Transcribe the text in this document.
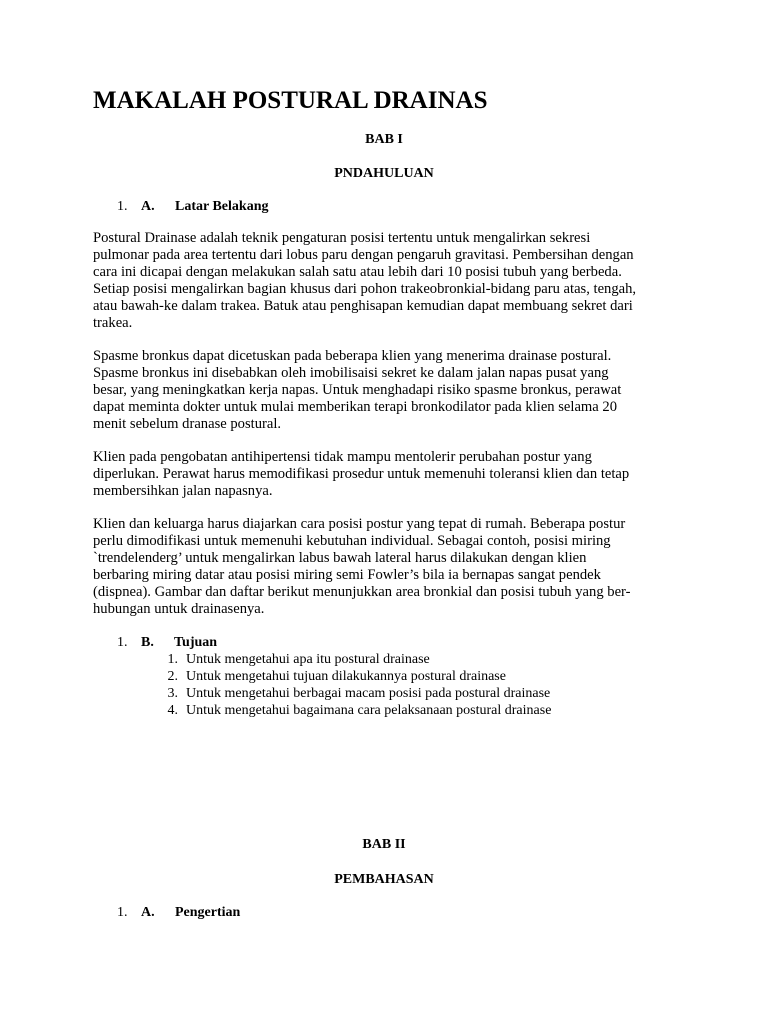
MAKALAH POSTURAL DRAINAS
BAB I
PNDAHULUAN
1. A. Latar Belakang
Postural Drainase adalah teknik pengaturan posisi tertentu untuk mengalirkan sekresi
pulmonar pada area tertentu dari lobus paru dengan pengaruh gravitasi. Pembersihan dengan
cara ini dicapai dengan melakukan salah satu atau lebih dari 10 posisi tubuh yang berbeda.
Setiap posisi mengalirkan bagian khusus dari pohon trakeobronkial-bidang paru atas, tengah,
atau bawah-ke dalam trakea. Batuk atau penghisapan kemudian dapat membuang sekret dari
trakea.
Spasme bronkus dapat dicetuskan pada beberapa klien yang menerima drainase postural.
Spasme bronkus ini disebabkan oleh imobilisaisi sekret ke dalam jalan napas pusat yang
besar, yang meningkatkan kerja napas. Untuk menghadapi risiko spasme bronkus, perawat
dapat meminta dokter untuk mulai memberikan terapi bronkodilator pada klien selama 20
menit sebelum dranase postural.
Klien pada pengobatan antihipertensi tidak mampu mentolerir perubahan postur yang
diperlukan. Perawat harus memodifikasi prosedur untuk memenuhi toleransi klien dan tetap
membersihkan jalan napasnya.
Klien dan keluarga harus diajarkan cara posisi postur yang tepat di rumah. Beberapa postur
perlu dimodifikasi untuk memenuhi kebutuhan individual. Sebagai contoh, posisi miring
`trendelenderg’ untuk mengalirkan labus bawah lateral harus dilakukan dengan klien
berbaring miring datar atau posisi miring semi Fowler’s bila ia bernapas sangat pendek
(dispnea). Gambar dan daftar berikut menunjukkan area bronkial dan posisi tubuh yang ber-
hubungan untuk drainasenya.
1. B. Tujuan
1. Untuk mengetahui apa itu postural drainase
2. Untuk mengetahui tujuan dilakukannya postural drainase
3. Untuk mengetahui berbagai macam posisi pada postural drainase
4. Untuk mengetahui bagaimana cara pelaksanaan postural drainase
BAB II
PEMBAHASAN
1. A. Pengertian
